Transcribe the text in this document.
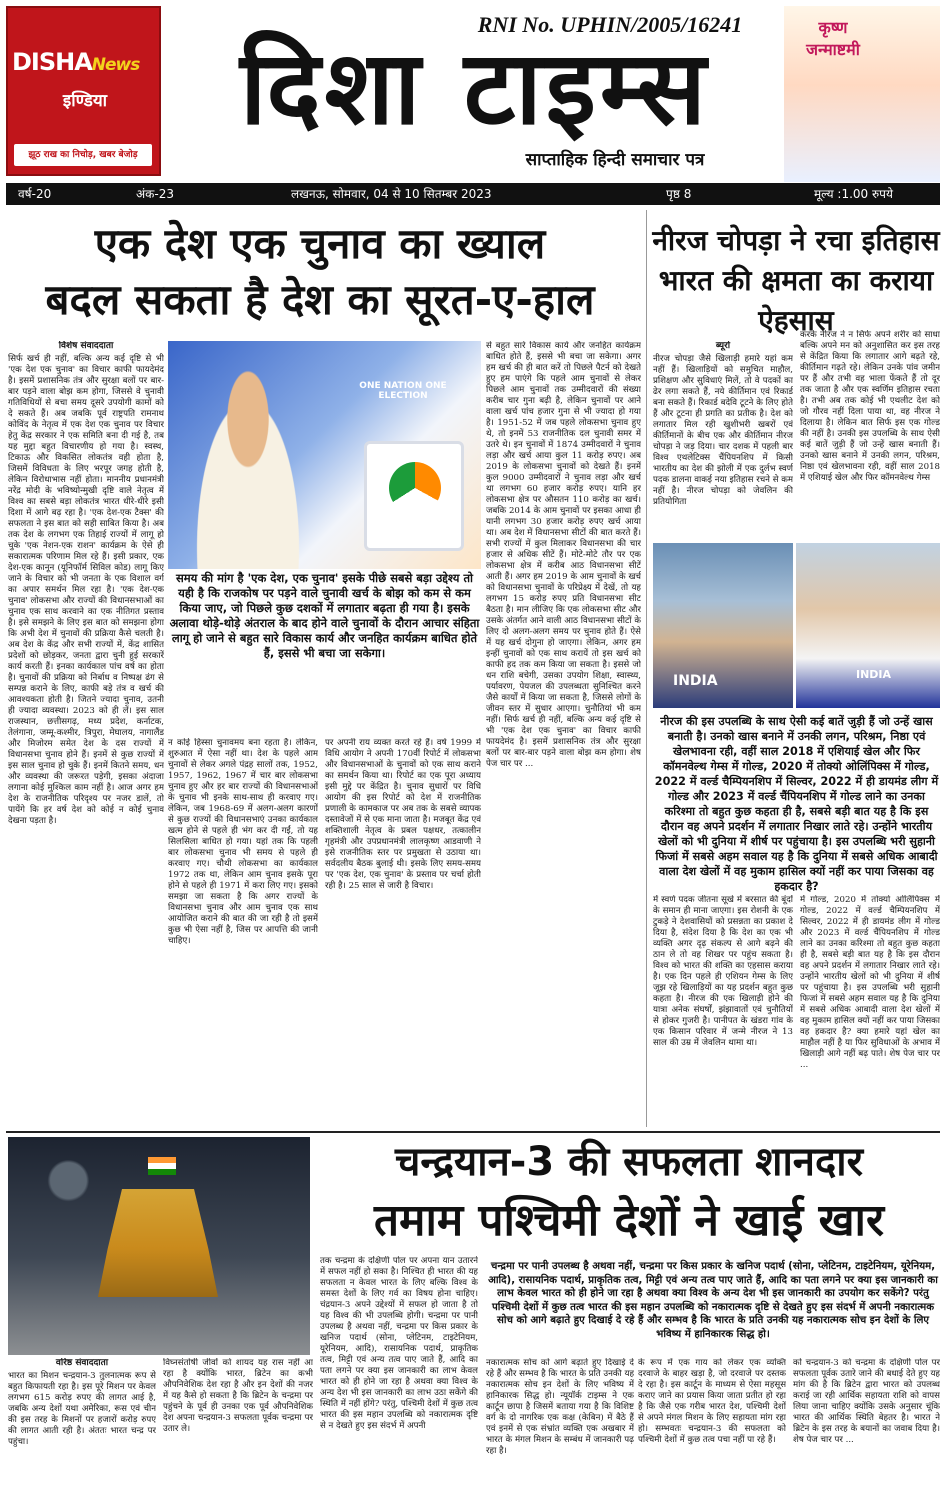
DISHANews
इण्डिया
झूठ राख का निचोड़, खबर बेजोड़
RNI No. UPHIN/2005/16241
दिशा टाइम्स
साप्ताहिक हिन्दी समाचार पत्र
कृष्ण जन्माष्टमी
वर्ष-20	अंक-23	लखनऊ, सोमवार, 04 से 10 सितम्बर 2023	पृष्ठ 8	मूल्य :1.00 रुपये
एक देश एक चुनाव का ख्याल
बदल सकता है देश का सूरत-ए-हाल
विशेष संवाददाता
सिर्फ खर्च ही नहीं, बल्कि अन्य कई दृष्टि से भी 'एक देश एक चुनाव' का विचार काफी फायदेमंद है। इसमें प्रशासनिक तंत्र और सुरक्षा बलों पर बार-बार पड़ने वाला बोझ कम होगा, जिससे वे चुनावी गतिविधियों से बचा समय दूसरे उपयोगी कामों को दे सकते हैं। अब जबकि पूर्व राष्ट्रपति रामनाथ कोविंद के नेतृत्व में एक देश एक चुनाव पर विचार हेतु केंद्र सरकार ने एक समिति बना दी गई है, तब यह मुद्दा बहुत विचारणीय हो गया है। स्वस्थ, टिकाऊ और विकसित लोकतंत्र वही होता है, जिसमें विविधता के लिए भरपूर जगह होती है, लेकिन विरोधाभास नहीं होता। माननीय प्रधानमंत्री नरेंद्र मोदी के भविष्योन्मुखी दृष्टि वाले नेतृत्व में विश्व का सबसे बड़ा लोकतंत्र भारत धीरे-धीरे इसी दिशा में आगे बढ़ रहा है। 'एक देश-एक टैक्स' की सफलता ने इस बात को सही साबित किया है। अब तक देश के लगभग एक तिहाई राज्यों में लागू हो चुके 'एक नेशन-एक राशन' कार्यक्रम के ऐसे ही सकारात्मक परिणाम मिल रहे हैं। इसी प्रकार, एक देश-एक कानून (यूनिफॉर्म सिविल कोड) लागू किए जाने के विचार को भी जनता के एक विशाल वर्ग का अपार समर्थन मिल रहा है। 'एक देश-एक चुनाव' लोकसभा और राज्यों की विधानसभाओं का चुनाव एक साथ करवाने का एक नीतिगत प्रस्ताव है। इसे समझने के लिए इस बात को समझना होगा कि अभी देश में चुनावों की प्रक्रिया कैसे चलती है। अब देश के केंद्र और सभी राज्यों में, केंद्र शासित प्रदेशों को छोड़कर, जनता द्वारा चुनी हुई सरकारें कार्य करती हैं। इनका कार्यकाल पांच वर्ष का होता है। चुनावों की प्रक्रिया को निर्बाध व निष्पक्ष ढंग से सम्पन्न कराने के लिए, काफी बड़े तंत्र व खर्च की आवश्यकता होती है। जितने ज्यादा चुनाव, उतनी ही ज्यादा व्यवस्था। 2023 को ही लें। इस साल राजस्थान, छत्तीसगढ़, मध्य प्रदेश, कर्नाटक, तेलंगाना, जम्मू-कश्मीर, त्रिपुरा, मेघालय, नागालैंड और मिजोरम समेत देश के दस राज्यों में विधानसभा चुनाव होने हैं। इनमें से कुछ राज्यों में इस साल चुनाव हो चुके हैं। इनमें कितने समय, धन और व्यवस्था की जरूरत पड़ेगी, इसका अंदाजा लगाना कोई मुश्किल काम नहीं है। आज अगर हम देश के राजनीतिक परिदृश्य पर नजर डालें, तो पायेंगे कि हर वर्ष देश को कोई न कोई चुनाव देखना पड़ता है।
ONE NATION ONE ELECTION
समय की मांग है 'एक देश, एक चुनाव' इसके पीछे सबसे बड़ा उद्देश्य तो यही है कि राजकोष पर पड़ने वाले चुनावी खर्च के बोझ को कम से कम किया जाए, जो पिछले कुछ दशकों में लगातार बढ़ता ही गया है। इसके अलावा थोड़े-थोड़े अंतराल के बाद होने वाले चुनावों के दौरान आचार संहिता लागू हो जाने से बहुत सारे विकास कार्य और जनहित कार्यक्रम बाधित होते हैं, इससे भी बचा जा सकेगा।
न कोई हिस्सा चुनावमय बना रहता है। लेकिन, शुरुआत में ऐसा नहीं था। देश के पहले आम चुनावों से लेकर अगले पंद्रह सालों तक, 1952, 1957, 1962, 1967 में चार बार लोकसभा चुनाव हुए और हर बार राज्यों की विधानसभाओं के चुनाव भी इनके साथ-साथ ही करवाए गए। लेकिन, जब 1968-69 में अलग-अलग कारणों से कुछ राज्यों की विधानसभाएं उनका कार्यकाल खत्म होने से पहले ही भंग कर दी गईं, तो यह सिलसिला बाधित हो गया। यहां तक कि पहली बार लोकसभा चुनाव भी समय से पहले ही करवाए गए। चौथी लोकसभा का कार्यकाल 1972 तक था, लेकिन आम चुनाव इसके पूरा होने से पहले ही 1971 में करा लिए गए। इसको समझा जा सकता है कि अगर राज्यों के विधानसभा चुनाव और आम चुनाव एक साथ आयोजित कराने की बात की जा रही है तो इसमें कुछ भी ऐसा नहीं है, जिस पर आपत्ति की जानी चाहिए।
पर अपनी राय व्यक्त करते रहे हैं। वर्ष 1999 में विधि आयोग ने अपनी 170वीं रिपोर्ट में लोकसभा और विधानसभाओं के चुनावों को एक साथ कराने का समर्थन किया था। रिपोर्ट का एक पूरा अध्याय इसी मुद्दे पर केंद्रित है। चुनाव सुधारों पर विधि आयोग की इस रिपोर्ट को देश में राजनीतिक प्रणाली के कामकाज पर अब तक के सबसे व्यापक दस्तावेजों में से एक माना जाता है। मजबूत केंद्र एवं शक्तिशाली नेतृत्व के प्रबल पक्षधर, तत्कालीन गृहमंत्री और उपप्रधानमंत्री लालकृष्ण आडवाणी ने इसे राजनीतिक स्तर पर प्रमुखता से उठाया था। सर्वदलीय बैठक बुलाई थी। इसके लिए समय-समय पर 'एक देश, एक चुनाव' के प्रस्ताव पर चर्चा होती रही है। 25 साल से जारी है विचार।
से बहुत सारे विकास कार्य और जनहित कार्यक्रम बाधित होते हैं, इससे भी बचा जा सकेगा। अगर हम खर्च की ही बात करें तो पिछले पैटर्न को देखते हुए हम पाएंगे कि पहले आम चुनावों से लेकर पिछले आम चुनावों तक उम्मीदवारों की संख्या करीब चार गुना बढ़ी है, लेकिन चुनावों पर आने वाला खर्च पांच हजार गुना से भी ज्यादा हो गया है। 1951-52 में जब पहले लोकसभा चुनाव हुए थे, तो इनमें 53 राजनीतिक दल चुनावी समर में उतरे थे। इन चुनावों में 1874 उम्मीदवारों ने चुनाव लड़ा और खर्च आया कुल 11 करोड़ रुपए। अब 2019 के लोकसभा चुनावों को देखते हैं। इनमें कुल 9000 उम्मीदवारों ने चुनाव लड़ा और खर्च था लगभग 60 हजार करोड़ रुपए। यानि हर लोकसभा क्षेत्र पर औसतन 110 करोड़ का खर्च। जबकि 2014 के आम चुनावों पर इसका आधा ही यानी लगभग 30 हजार करोड़ रुपए खर्च आया था। अब देश में विधानसभा सीटों की बात करते हैं। सभी राज्यों में कुल मिलाकर विधानसभा की चार हजार से अधिक सीटें हैं। मोटे-मोटे तौर पर एक लोकसभा क्षेत्र में करीब आठ विधानसभा सीटें आती हैं। अगर हम 2019 के आम चुनावों के खर्च को विधानसभा चुनावों के परिप्रेक्ष्य में देखें, तो यह लगभग 15 करोड़ रुपए प्रति विधानसभा सीट बैठता है। मान लीजिए कि एक लोकसभा सीट और उसके अंतर्गत आने वाली आठ विधानसभा सीटों के लिए दो अलग-अलग समय पर चुनाव होते हैं। ऐसे में यह खर्च दोगुना हो जाएगा। लेकिन, अगर हम इन्हीं चुनावों को एक साथ करायें तो इस खर्च को काफी हद तक कम किया जा सकता है। इससे जो धन राशि बचेगी, उसका उपयोग शिक्षा, स्वास्थ्य, पर्यावरण, पेयजल की उपलब्धता सुनिश्चित करने जैसे कार्यों में किया जा सकता है, जिससे लोगों के जीवन स्तर में सुधार आएगा। चुनौतियां भी कम नहीं। सिर्फ खर्च ही नहीं, बल्कि अन्य कई दृष्टि से भी 'एक देश एक चुनाव' का विचार काफी फायदेमंद है। इसमें प्रशासनिक तंत्र और सुरक्षा बलों पर बार-बार पड़ने वाला बोझ कम होगा। शेष पेज चार पर ...
नीरज चोपड़ा ने रचा इतिहास भारत की क्षमता का कराया ऐहसास
ब्यूरो
नीरज चोपड़ा जैसे खिलाड़ी हमारे यहां कम नहीं हैं। खिलाड़ियों को समुचित माहौल, प्रशिक्षण और सुविधाएं मिलें, तो वे पदकों का ढेर लगा सकते हैं, नये कीर्तिमान एवं रिकार्ड बना सकते हैं। रिकार्ड बदेवि टूटने के लिए होते हैं और टूटना ही प्रगति का प्रतीक है। देश को लगातार मिल रही खुशीभरी खबरों एवं कीर्तिमानों के बीच एक और कीर्तिमान नीरज चोपड़ा ने जड़ दिया। चार दशक में पहली बार विश्व एथलेटिक्स चैंपियनशिप में किसी भारतीय का देश की झोली में एक दुर्लभ स्वर्ण पदक डालना वाकई नया इतिहास रचने से कम नहीं है। नीरज चोपड़ा को जेवलिन की प्रतियोगिता
करके नीरज ने न सिर्फ अपने शरीर को साधा बल्कि अपने मन को अनुशासित कर इस तरह से केंद्रित किया कि लगातार आगे बढ़ते रहे, कीर्तिमान गढ़ते रहे। लेकिन उनके पांव जमीन पर हैं और तभी वह भाला फेंकते हैं तो दूर तक जाता है और एक स्वर्णिम इतिहास रचता है। तभी अब तक कोई भी एथलीट देश को जो गौरव नहीं दिला पाया था, वह नीरज ने दिलाया है। लेकिन बात सिर्फ इस एक गोल्ड की नहीं है। उनकी इस उपलब्धि के साथ ऐसी कई बातें जुड़ी हैं जो उन्हें खास बनाती हैं। उनको खास बनाने में उनकी लगन, परिश्रम, निष्ठा एवं खेलभावना रही, वहीं साल 2018 में एशियाई खेल और फिर कॉमनवेल्थ गेम्स
INDIA	INDIA
नीरज की इस उपलब्धि के साथ ऐसी कई बातें जुड़ी हैं जो उन्हें खास बनाती है। उनको खास बनाने में उनकी लगन, परिश्रम, निष्ठा एवं खेलभावना रही, वहीं साल 2018 में एशियाई खेल और फिर कॉमनवेल्थ गेम्स में गोल्ड, 2020 में तोक्यो ओलिंपिक्स में गोल्ड, 2022 में वर्ल्ड चैम्पियनशिप में सिल्वर, 2022 में ही डायमंड लीग में गोल्ड और 2023 में वर्ल्ड चैंपियनशिप में गोल्ड लाने का उनका करिश्मा तो बहुत कुछ कहता ही है, सबसे बड़ी बात यह है कि इस दौरान वह अपने प्रदर्शन में लगातार निखार लाते रहे। उन्होंने भारतीय खेलों को भी दुनिया में शीर्ष पर पहुंचाया है। इस उपलब्धि भरी सुहानी फिजां में सबसे अहम सवाल यह है कि दुनिया में सबसे अधिक आबादी वाला देश खेलों में वह मुकाम हासिल क्यों नहीं कर पाया जिसका वह हकदार है?
में स्वर्ण पदक जीतना सूखे में बरसात की बूंदों के समान ही माना जाएगा। इस रोशनी के एक टुकड़े ने देशवासियों को प्रसन्नता का प्रकाश दे दिया है, संदेश दिया है कि देश का एक भी व्यक्ति अगर दृढ़ संकल्प से आगे बढ़ने की ठान ले तो वह शिखर पर पहुंच सकता है। विश्व को भारत की शक्ति का एहसास कराया है। एक दिन पहले ही एशियन गेम्स के लिए जूझ रहे खिलाड़ियों का यह प्रदर्शन बहुत कुछ कहता है। नीरज की एक खिलाड़ी होने की यात्रा अनेक संघर्षों, झंझावातों एवं चुनौतियों से होकर गुजरी है। पानीपत के खंडरा गांव के एक किसान परिवार में जन्मे नीरज ने 13 साल की उम्र में जेवलिन थामा था।
में गोल्ड, 2020 में तोक्यो ओलिंपिक्स में गोल्ड, 2022 में वर्ल्ड चैम्पियनशिप में सिल्वर, 2022 में ही डायमंड लीग में गोल्ड और 2023 में वर्ल्ड चैंपियनशिप में गोल्ड लाने का उनका करिश्मा तो बहुत कुछ कहता ही है, सबसे बड़ी बात यह है कि इस दौरान वह अपने प्रदर्शन में लगातार निखार लाते रहे। उन्होंने भारतीय खेलों को भी दुनिया में शीर्ष पर पहुंचाया है। इस उपलब्धि भरी सुहानी फिजां में सबसे अहम सवाल यह है कि दुनिया में सबसे अधिक आबादी वाला देश खेलों में वह मुकाम हासिल क्यों नहीं कर पाया जिसका वह हकदार है? क्या हमारे यहां खेल का माहौल नहीं है या फिर सुविधाओं के अभाव में खिलाड़ी आगे नहीं बढ़ पाते। शेष पेज चार पर ...
चन्द्रयान-3 की सफलता शानदार
तमाम पश्चिमी देशों ने खाई खार
चन्द्रमा पर पानी उपलब्ध है अथवा नहीं, चन्द्रमा पर किस प्रकार के खनिज पदार्थ (सोना, प्लेटिनम, टाइटेनियम, यूरेनियम, आदि), रासायनिक पदार्थ, प्राकृतिक तत्व, मिट्टी एवं अन्य तत्व पाए जाते हैं, आदि का पता लगने पर क्या इस जानकारी का लाभ केवल भारत को ही होने जा रहा है अथवा क्या विश्व के अन्य देश भी इस जानकारी का उपयोग कर सकेंगे? परंतु पश्चिमी देशों में कुछ तत्व भारत की इस महान उपलब्धि को नकारात्मक दृष्टि से देखते हुए इस संदर्भ में अपनी नकारात्मक सोच को आगे बढ़ाते हुए दिखाई दे रहे हैं और सम्भव है कि भारत के प्रति उनकी यह नकारात्मक सोच इन देशों के लिए भविष्य में हानिकारक सिद्ध हो।
वरिष्ठ संवाददाता
भारत का मिशन चन्द्रयान-3 तुलनात्मक रूप से बहुत किफायती रहा है। इस पूरे मिशन पर केवल लगभग 615 करोड़ रुपए की लागत आई है, जबकि अन्य देशों यथा अमेरिका, रूस एवं चीन की इस तरह के मिशनों पर हजारों करोड़ रुपए की लागत आती रही है। अंततः भारत चन्द्र पर पहुंचा।
विघ्नसंतोषी जीवों को शायद यह रास नहीं आ रहा है क्योंकि भारत, ब्रिटेन का कभी औपनिवेशिक देश रहा है और इन देशों की नजर में यह कैसे हो सकता है कि ब्रिटेन के चन्द्रमा पर पहुंचने के पूर्व ही उनका एक पूर्व औपनिवेशिक देश अपना चन्द्रयान-3 सफलता पूर्वक चन्द्रमा पर उतार ले।
तक चन्द्रमा के दक्षिणी पोल पर अपना यान उतारने में सफल नहीं हो सका है। निश्चित ही भारत की यह सफलता न केवल भारत के लिए बल्कि विश्व के समस्त देशों के लिए गर्व का विषय होना चाहिए। चंद्रयान-3 अपने उद्देश्यों में सफल हो जाता है तो यह विश्व की भी उपलब्धि होगी। चन्द्रमा पर पानी उपलब्ध है अथवा नहीं, चन्द्रमा पर किस प्रकार के खनिज पदार्थ (सोना, प्लेटिनम, टाइटेनियम, यूरेनियम, आदि), रासायनिक पदार्थ, प्राकृतिक तत्व, मिट्टी एवं अन्य तत्व पाए जाते हैं, आदि का पता लगने पर क्या इस जानकारी का लाभ केवल भारत को ही होने जा रहा है अथवा क्या विश्व के अन्य देश भी इस जानकारी का लाभ उठा सकेंगे की स्थिति में नहीं होंगे? परंतु, पश्चिमी देशों में कुछ तत्व भारत की इस महान उपलब्धि को नकारात्मक दृष्टि से न देखते हुए इस संदर्भ में अपनी
नकारात्मक सोच को आगे बढ़ाते हुए दिखाई दे रहे हैं और सम्भव है कि भारत के प्रति उनकी यह नकारात्मक सोच इन देशों के लिए भविष्य में हानिकारक सिद्ध हो। न्यूयॉर्क टाइम्स ने एक कार्टून छापा है जिसमें बताया गया है कि विशिष्ट वर्ग के दो नागरिक एक कक्ष (केबिन) में बैठे हैं एवं इनमें से एक संभ्रांत व्यक्ति एक अखबार में भारत के मंगल मिशन के सम्बंध में जानकारी पढ़ रहा है।
के रूप में एक गाय को लेकर एक व्यक्ति दरवाजे के बाहर खड़ा है, जो दरवाजे पर दस्तक दे रहा है। इस कार्टून के माध्यम से ऐसा महसूस कराए जाने का प्रयास किया जाता प्रतीत हो रहा है कि जैसे एक गरीब भारत देश, पश्चिमी देशों से अपने मंगल मिशन के लिए सहायता मांग रहा हो। सम्भवतः चन्द्रयान-3 की सफलता को पश्चिमी देशों में कुछ तत्व पचा नहीं पा रहे हैं।
को चन्द्रयान-3 को चन्द्रमा के दक्षिणी पोल पर सफलता पूर्वक उतारे जाने की बधाई देते हुए यह मांग की है कि ब्रिटेन द्वारा भारत को उपलब्ध कराई जा रही आर्थिक सहायता राशि को वापस लिया जाना चाहिए क्योंकि उसके अनुसार चूंकि भारत की आर्थिक स्थिति बेहतर है। भारत ने ब्रिटेन के इस तरह के बयानों का जवाब दिया है। शेष पेज चार पर ...
